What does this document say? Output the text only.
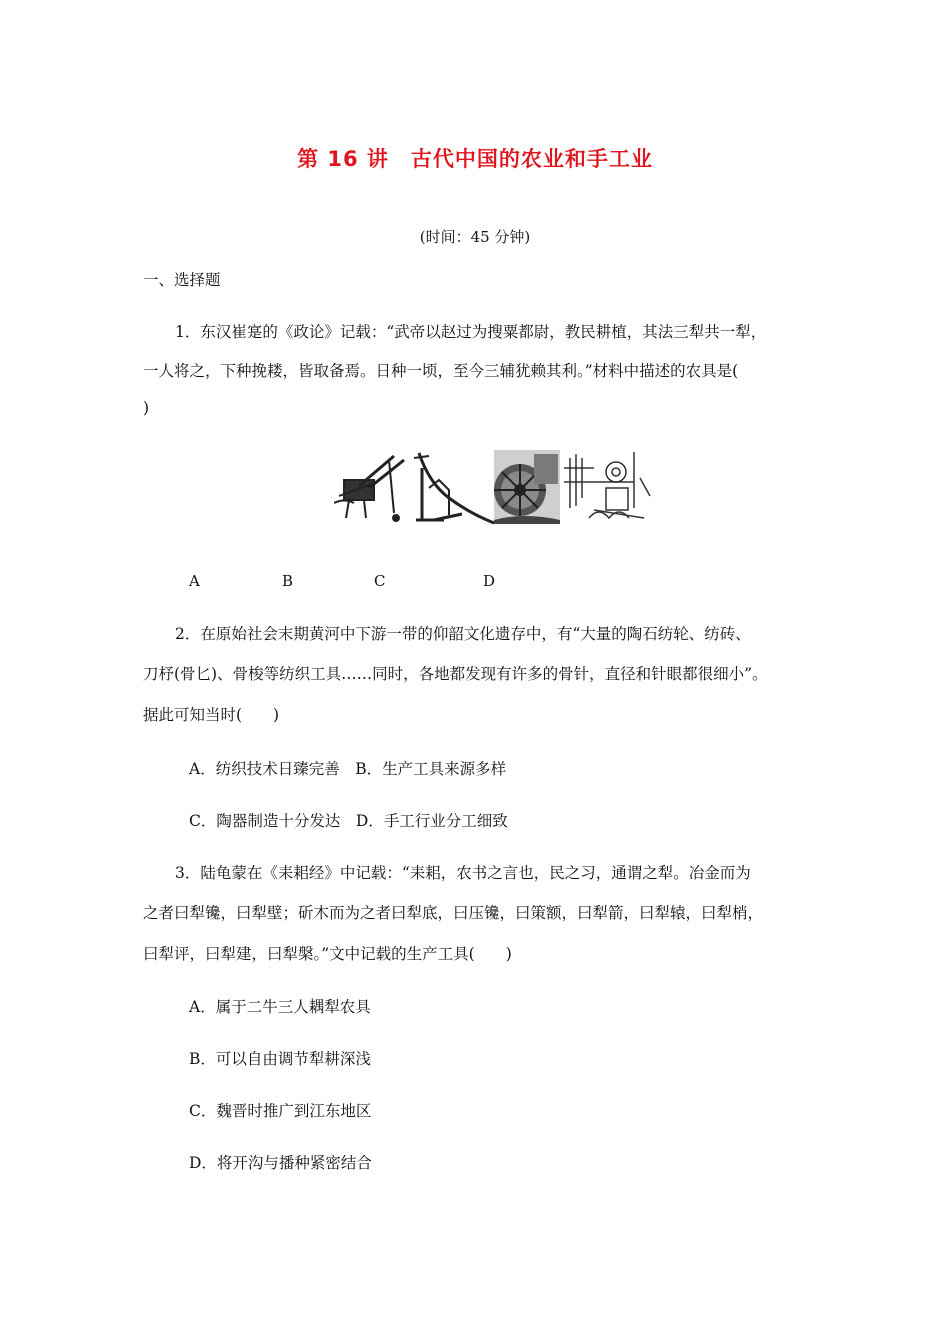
第 16 讲　古代中国的农业和手工业
(时间：45 分钟)
一、选择题
1．东汉崔寔的《政论》记载：“武帝以赵过为搜粟都尉，教民耕植，其法三犁共一犁，
一人将之，下种挽耧，皆取备焉。日种一顷，至今三辅犹赖其利。”材料中描述的农具是(
)
A	B	C	D
2．在原始社会末期黄河中下游一带的仰韶文化遗存中，有“大量的陶石纺轮、纺砖、
刀杼(骨匕)、骨梭等纺织工具……同时，各地都发现有许多的骨针，直径和针眼都很细小”。
据此可知当时(　　)
A．纺织技术日臻完善　B．生产工具来源多样
C．陶器制造十分发达　D．手工行业分工细致
3．陆龟蒙在《耒耜经》中记载：“耒耜，农书之言也，民之习，通谓之犁。冶金而为
之者曰犁镵，曰犁壁；斫木而为之者曰犁底，曰压镵，曰策额，曰犁箭，曰犁辕，曰犁梢，
曰犁评，曰犁建，曰犁槃。”文中记载的生产工具(　　)
A．属于二牛三人耦犁农具
B．可以自由调节犁耕深浅
C．魏晋时推广到江东地区
D．将开沟与播种紧密结合
